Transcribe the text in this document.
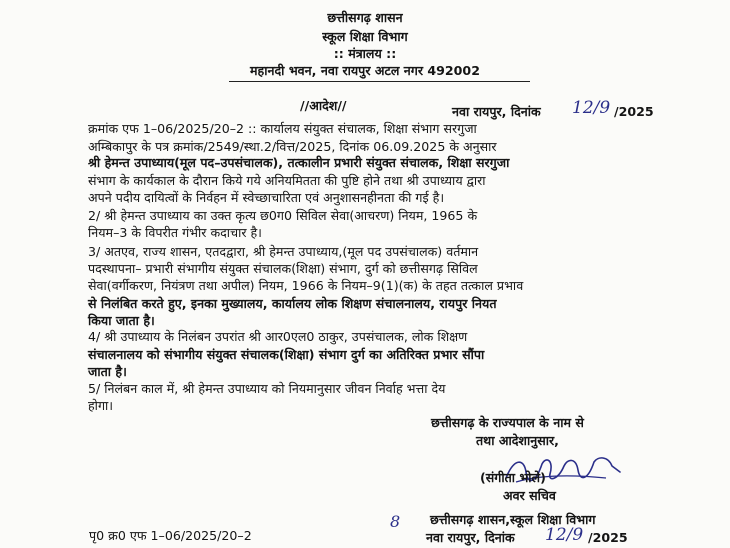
छत्तीसगढ़ शासन
स्कूल शिक्षा विभाग
:: मंत्रालय ::
महानदी भवन, नवा रायपुर अटल नगर 492002
//आदेश//	नवा रायपुर, दिनांक 12/9 /2025
क्रमांक एफ 1–06/2025/20–2 :: कार्यालय संयुक्त संचालक, शिक्षा संभाग सरगुजा
अम्बिकापुर के पत्र क्रमांक/2549/स्था.2/वित्त/2025, दिनांक 06.09.2025 के अनुसार
श्री हेमन्त उपाध्याय(मूल पद–उपसंचालक), तत्कालीन प्रभारी संयुक्त संचालक, शिक्षा सरगुजा
संभाग के कार्यकाल के दौरान किये गये अनियमितता की पुष्टि होने तथा श्री उपाध्याय द्वारा
अपने पदीय दायित्वों के निर्वहन में स्वेच्छाचारिता एवं अनुशासनहीनता की गई है।
2/ श्री हेमन्त उपाध्याय का उक्त कृत्य छ0ग0 सिविल सेवा(आचरण) नियम, 1965 के
नियम–3 के विपरीत गंभीर कदाचार है।
3/ अतएव, राज्य शासन, एतदद्वारा, श्री हेमन्त उपाध्याय,(मूल पद उपसंचालक) वर्तमान
पदस्थापना– प्रभारी संभागीय संयुक्त संचालक(शिक्षा) संभाग, दुर्ग को छत्तीसगढ़ सिविल
सेवा(वर्गीकरण, नियंत्रण तथा अपील) नियम, 1966 के नियम–9(1)(क) के तहत तत्काल प्रभाव
से निलंबित करते हुए, इनका मुख्यालय, कार्यालय लोक शिक्षण संचालनालय, रायपुर नियत
किया जाता है।
4/ श्री उपाध्याय के निलंबन उपरांत श्री आर0एल0 ठाकुर, उपसंचालक, लोक शिक्षण
संचालनालय को संभागीय संयुक्त संचालक(शिक्षा) संभाग दुर्ग का अतिरिक्त प्रभार सौंपा
जाता है।
5/ निलंबन काल में, श्री हेमन्त उपाध्याय को नियमानुसार जीवन निर्वाह भत्ता देय
होगा।
छत्तीसगढ़ के राज्यपाल के नाम से
तथा आदेशानुसार,
(संगीता भोले)
अवर सचिव
छत्तीसगढ़ शासन,स्कूल शिक्षा विभाग
नवा रायपुर, दिनांक 12/9 /2025
8
पृ0 क्र0 एफ 1–06/2025/20–2
